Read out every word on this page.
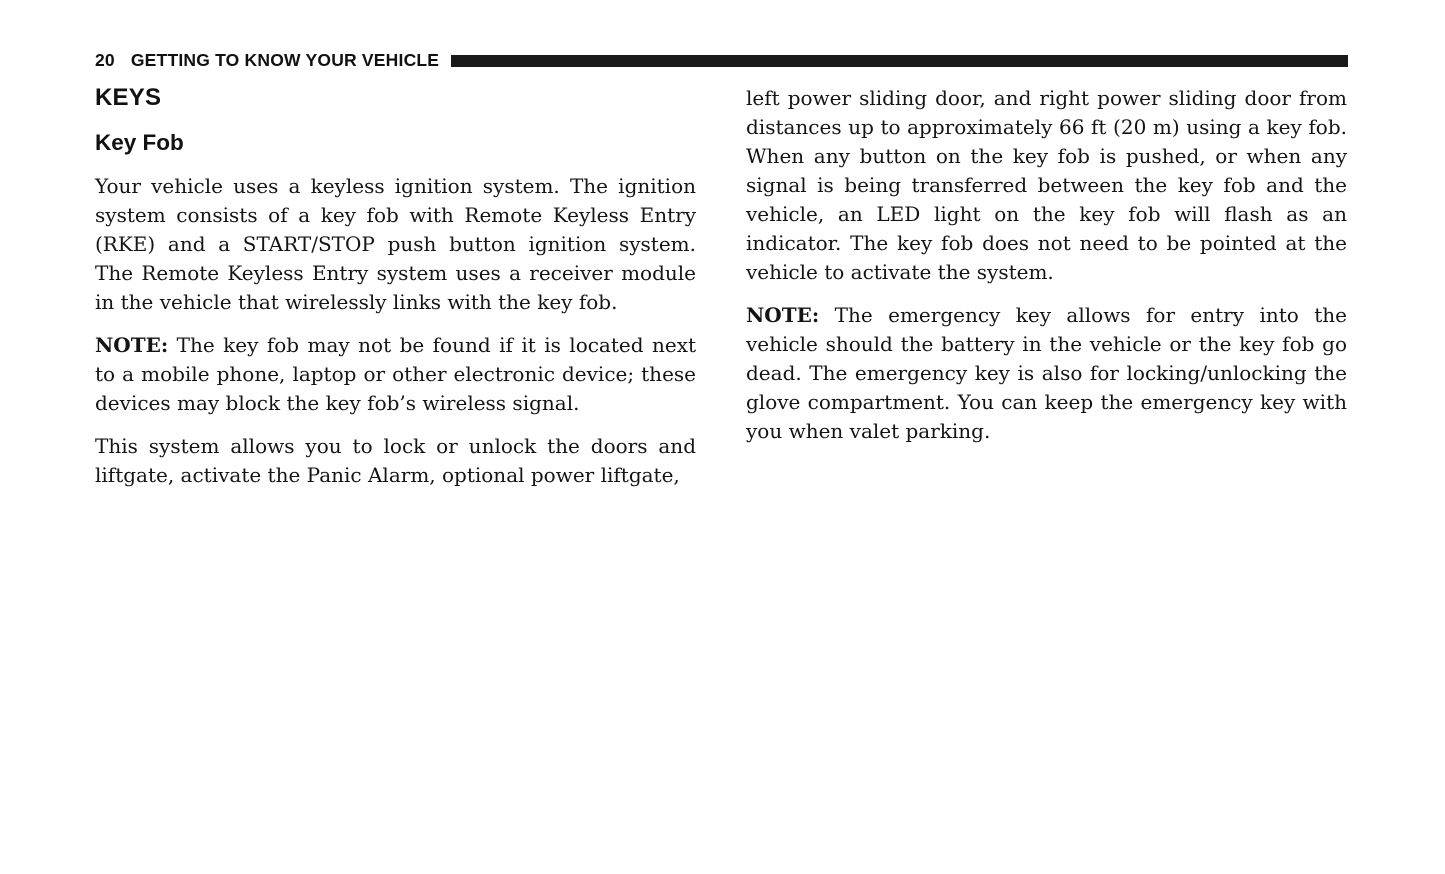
20 GETTING TO KNOW YOUR VEHICLE
KEYS
Key Fob

Your vehicle uses a keyless ignition system. The ignition system consists of a key fob with Remote Keyless Entry (RKE) and a START/STOP push button ignition system. The Remote Keyless Entry system uses a receiver module in the vehicle that wirelessly links with the key fob.

NOTE: The key fob may not be found if it is located next to a mobile phone, laptop or other electronic device; these devices may block the key fob’s wireless signal.

This system allows you to lock or unlock the doors and liftgate, activate the Panic Alarm, optional power liftgate,

left power sliding door, and right power sliding door from distances up to approximately 66 ft (20 m) using a key fob. When any button on the key fob is pushed, or when any signal is being transferred between the key fob and the vehicle, an LED light on the key fob will flash as an indicator. The key fob does not need to be pointed at the vehicle to activate the system.

NOTE: The emergency key allows for entry into the vehicle should the battery in the vehicle or the key fob go dead. The emergency key is also for locking/unlocking the glove compartment. You can keep the emergency key with you when valet parking.
